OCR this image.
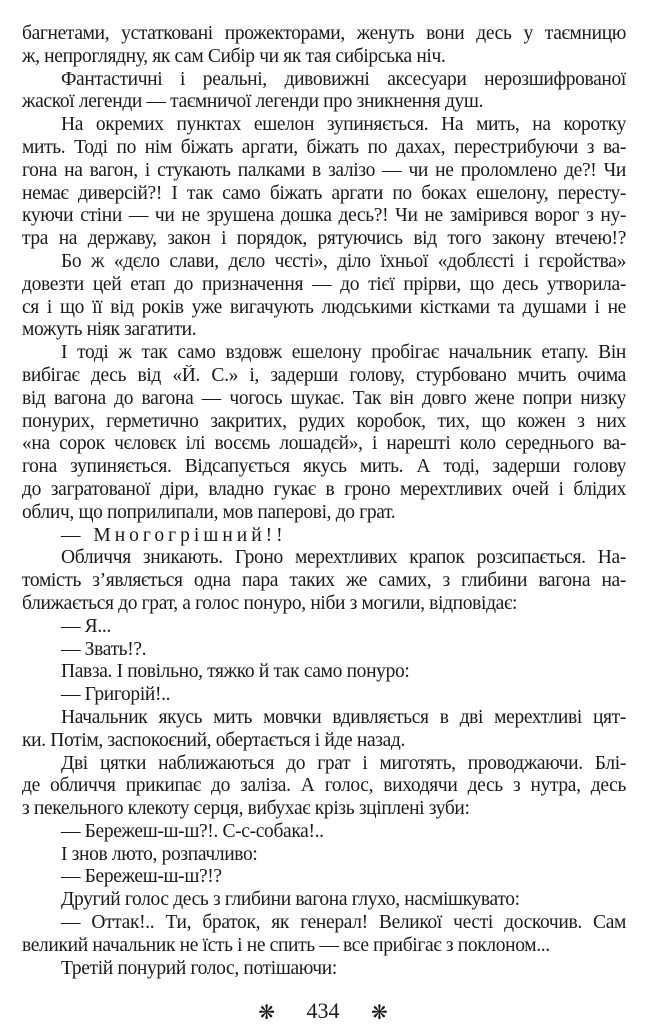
багнетами, устатковані прожекторами, женуть вони десь у таємницю
ж, непроглядну, як сам Сибір чи як тая сибірська ніч.
Фантастичні і реальні, дивовижні аксесуари нерозшифрованої
жаскої легенди — таємничої легенди про зникнення душ.
На окремих пунктах ешелон зупиняється. На мить, на коротку
мить. Тоді по нім біжать аргати, біжать по дахах, перестрибуючи з ва-
гона на вагон, і стукають палками в залізо — чи не проломлено де?! Чи
немає диверсій?! І так само біжать аргати по боках ешелону, пересту-
куючи стіни — чи не зрушена дошка десь?! Чи не замірився ворог з ну-
тра на державу, закон і порядок, рятуючись від того закону втечею!?
Бо ж «дєло слави, дєло чєсті», діло їхньої «доблєсті і гєройства»
довезти цей етап до призначення — до тієї прірви, що десь утворила-
ся і що її від років уже вигачують людськими кістками та душами і не
можуть ніяк загатити.
І тоді ж так само вздовж ешелону пробігає начальник етапу. Він
вибігає десь від «Й. С.» і, задерши голову, стурбовано мчить очима
від вагона до вагона — чогось шукає. Так він довго жене попри низку
понурих, герметично закритих, рудих коробок, тих, що кожен з них
«на сорок чєловєк ілі восємь лошадєй», і нарешті коло середнього ва-
гона зупиняється. Відсапується якусь мить. А тоді, задерши голову
до загратованої діри, владно гукає в гроно мерехтливих очей і блідих
облич, що поприлипали, мов паперові, до грат.
— Многогрішний!!
Обличчя зникають. Гроно мерехтливих крапок розсипається. На-
томість з’являється одна пара таких же самих, з глибини вагона на-
ближається до грат, а голос понуро, ніби з могили, відповідає:
— Я...
— Звать!?.
Павза. І повільно, тяжко й так само понуро:
— Григорій!..
Начальник якусь мить мовчки вдивляється в дві мерехтливі цят-
ки. Потім, заспокоєний, обертається і йде назад.
Дві цятки наближаються до грат і миготять, проводжаючи. Блі-
де обличчя прикипає до заліза. А голос, виходячи десь з нутра, десь
з пекельного клекоту серця, вибухає крізь зціплені зуби:
— Бережеш-ш-ш?!. С-с-собака!..
І знов люто, розпачливо:
— Бережеш-ш-ш?!?
Другий голос десь з глибини вагона глухо, насмішкувато:
— Оттак!.. Ти, браток, як генерал! Великої честі доскочив. Сам
великий начальник не їсть і не спить — все прибігає з поклоном...
Третій понурий голос, потішаючи:
❋ 434 ❋
